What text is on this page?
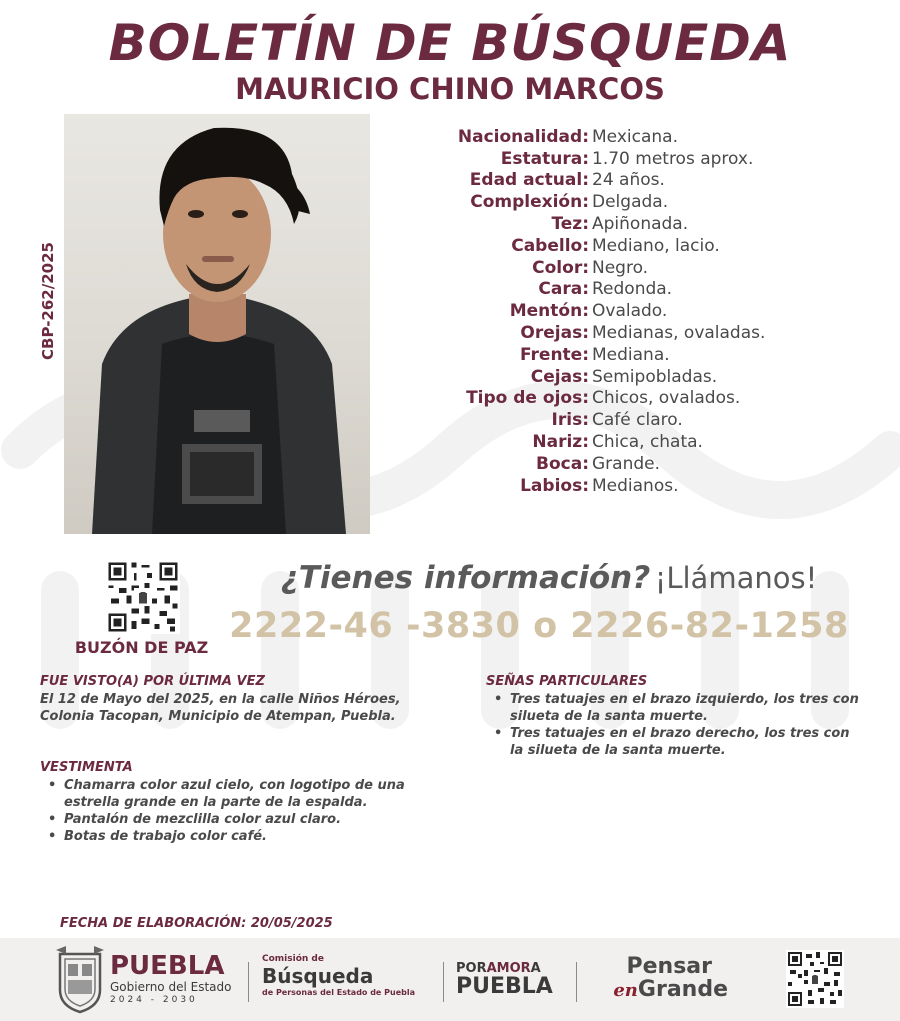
BOLETÍN DE BÚSQUEDA
MAURICIO CHINO MARCOS
CBP-262/2025
Nacionalidad: Mexicana.
Estatura: 1.70 metros aprox.
Edad actual: 24 años.
Complexión: Delgada.
Tez: Apiñonada.
Cabello: Mediano, lacio.
Color: Negro.
Cara: Redonda.
Mentón: Ovalado.
Orejas: Medianas, ovaladas.
Frente: Mediana.
Cejas: Semipobladas.
Tipo de ojos: Chicos, ovalados.
Iris: Café claro.
Nariz: Chica, chata.
Boca: Grande.
Labios: Medianos.
BUZÓN DE PAZ
¿Tienes información? ¡Llámanos!
2222-46 -3830 o 2226-82-1258
FUE VISTO(A) POR ÚLTIMA VEZ
El 12 de Mayo del 2025, en la calle Niños Héroes, Colonia Tacopan, Municipio de Atempan, Puebla.
VESTIMENTA
• Chamarra color azul cielo, con logotipo de una estrella grande en la parte de la espalda.
• Pantalón de mezclilla color azul claro.
• Botas de trabajo color café.
SEÑAS PARTICULARES
• Tres tatuajes en el brazo izquierdo, los tres con silueta de la santa muerte.
• Tres tatuajes en el brazo derecho, los tres con la silueta de la santa muerte.
FECHA DE ELABORACIÓN: 20/05/2025
PUEBLA
Gobierno del Estado
2024 - 2030
Comisión de
Búsqueda
de Personas del Estado de Puebla
PORAMORA
PUEBLA
Pensar
enGrande
